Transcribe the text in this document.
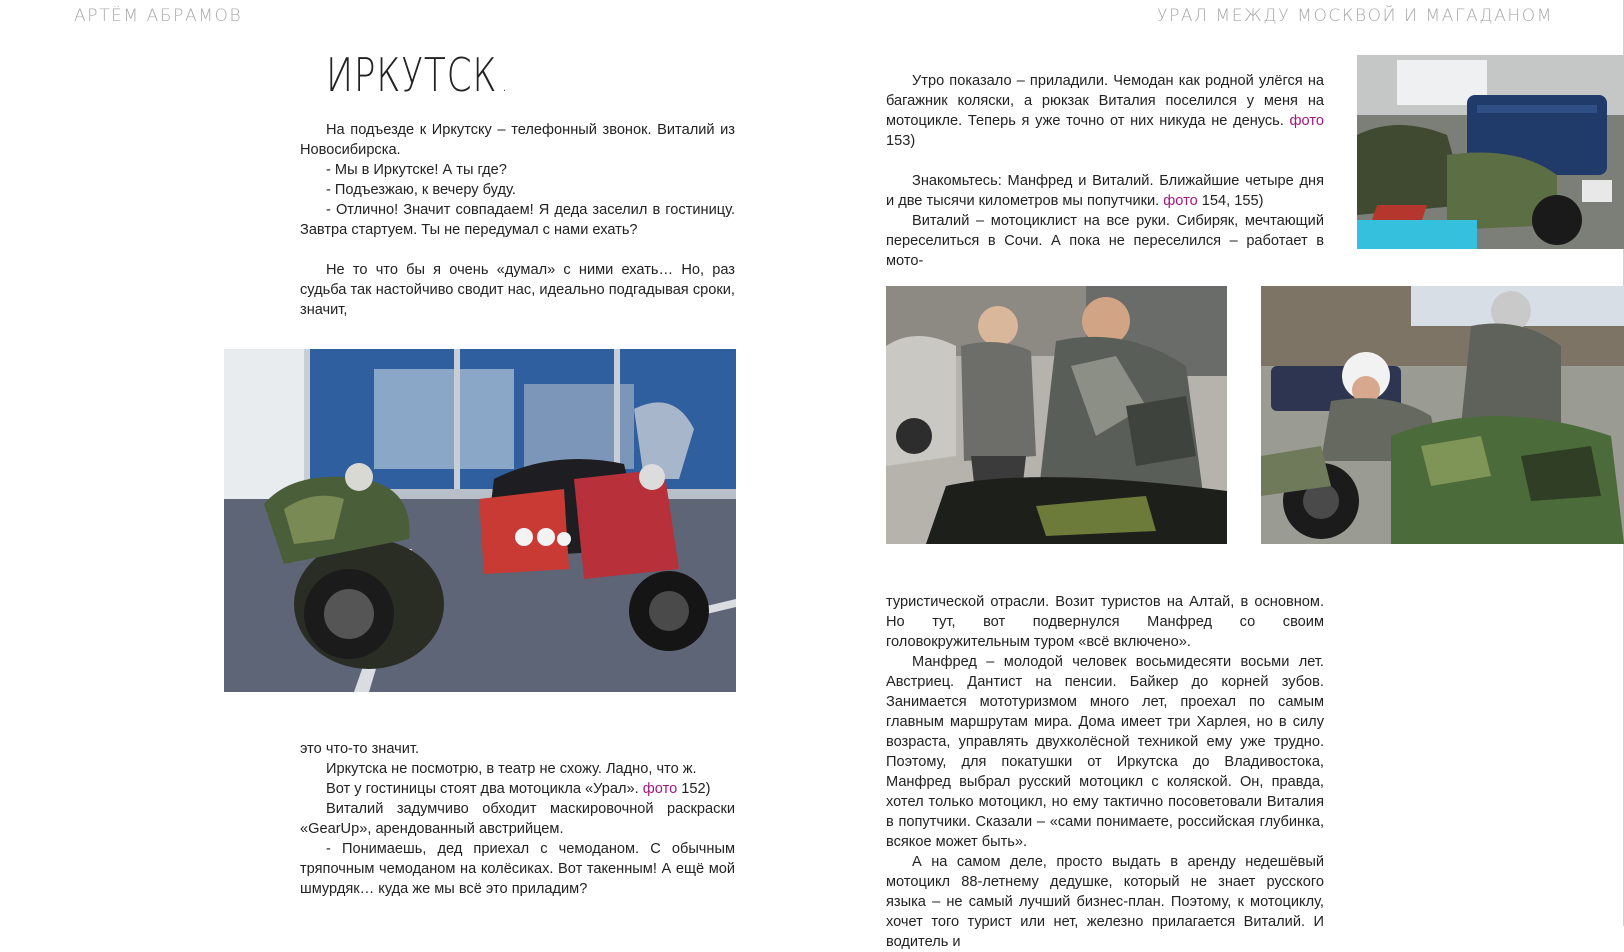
АРТЁМ АБРАМОВ	УРАЛ МЕЖДУ МОСКВОЙ И МАГАДАНОМ
ИРКУТСК .

На подъезде к Иркутску – телефонный звонок. Виталий из Новосибирска.

- Мы в Иркутске! А ты где?

- Подъезжаю, к вечеру буду.

- Отлично! Значит совпадаем! Я деда заселил в гостиницу. Завтра стартуем. Ты не передумал с нами ехать?

Не то что бы я очень «думал» с ними ехать… Но, раз судьба так настойчиво сводит нас, идеально подгадывая сроки, значит,

это что-то значит.

Иркутска не посмотрю, в театр не схожу. Ладно, что ж.

Вот у гостиницы стоят два мотоцикла «Урал». фото 152)

Виталий задумчиво обходит маскировочной раскраски «GearUp», арендованный австрийцем.

- Понимаешь, дед приехал с чемоданом. С обычным тряпочным чемоданом на колёсиках. Вот такенным! А ещё мой шмурдяк… куда же мы всё это приладим?

Утро показало – приладили. Чемодан как родной улёгся на багажник коляски, а рюкзак Виталия поселился у меня на мотоцикле. Теперь я уже точно от них никуда не денусь. фото 153)

Знакомьтесь: Манфред и Виталий. Ближайшие четыре дня и две тысячи километров мы попутчики. фото 154, 155)

Виталий – мотоциклист на все руки. Сибиряк, мечтающий переселиться в Сочи. А пока не переселился – работает в мото-

туристической отрасли. Возит туристов на Алтай, в основном. Но тут, вот подвернулся Манфред со своим головокружительным туром «всё включено».

Манфред – молодой человек восьмидесяти восьми лет. Австриец. Дантист на пенсии. Байкер до корней зубов. Занимается мототуризмом много лет, проехал по самым главным маршрутам мира. Дома имеет три Харлея, но в силу возраста, управлять двухколёсной техникой ему уже трудно. Поэтому, для покатушки от Иркутска до Владивостока, Манфред выбрал русский мотоцикл с коляской. Он, правда, хотел только мотоцикл, но ему тактично посоветовали Виталия в попутчики. Сказали – «сами понимаете, российская глубинка, всякое может быть».

А на самом деле, просто выдать в аренду недешёвый мотоцикл 88-летнему дедушке, который не знает русского языка – не самый лучший бизнес-план. Поэтому, к мотоциклу, хочет того турист или нет, железно прилагается Виталий. И водитель и
